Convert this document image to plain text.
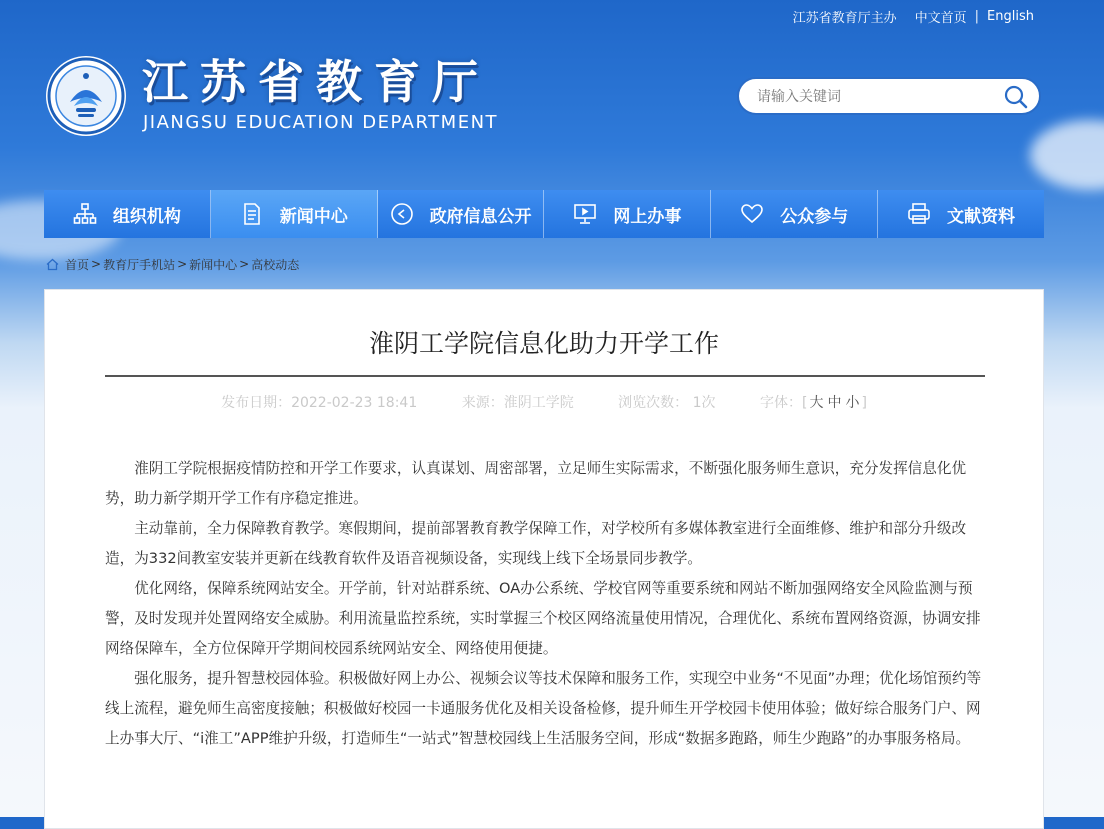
江苏省教育厅主办 中文首页 | English
江苏省教育厅
JIANGSU EDUCATION DEPARTMENT
请输入关键词
组织机构	新闻中心	政府信息公开	网上办事	公众参与	文献资料
首页 > 教育厅手机站 > 新闻中心 > 高校动态
淮阴工学院信息化助力开学工作
发布日期：2022-02-23 18:41	来源：淮阴工学院	浏览次数： 1次	字体：[ 大 中 小 ]

淮阴工学院根据疫情防控和开学工作要求，认真谋划、周密部署，立足师生实际需求，不断强化服务师生意识，充分发挥信息化优势，助力新学期开学工作有序稳定推进。

主动靠前，全力保障教育教学。寒假期间，提前部署教育教学保障工作，对学校所有多媒体教室进行全面维修、维护和部分升级改造，为332间教室安装并更新在线教育软件及语音视频设备，实现线上线下全场景同步教学。

优化网络，保障系统网站安全。开学前，针对站群系统、OA办公系统、学校官网等重要系统和网站不断加强网络安全风险监测与预警，及时发现并处置网络安全威胁。利用流量监控系统，实时掌握三个校区网络流量使用情况，合理优化、系统布置网络资源，协调安排网络保障车，全方位保障开学期间校园系统网站安全、网络使用便捷。

强化服务，提升智慧校园体验。积极做好网上办公、视频会议等技术保障和服务工作，实现空中业务“不见面”办理；优化场馆预约等线上流程，避免师生高密度接触；积极做好校园一卡通服务优化及相关设备检修，提升师生开学校园卡使用体验；做好综合服务门户、网上办事大厅、“i淮工”APP维护升级，打造师生“一站式”智慧校园线上生活服务空间，形成“数据多跑路，师生少跑路”的办事服务格局。
